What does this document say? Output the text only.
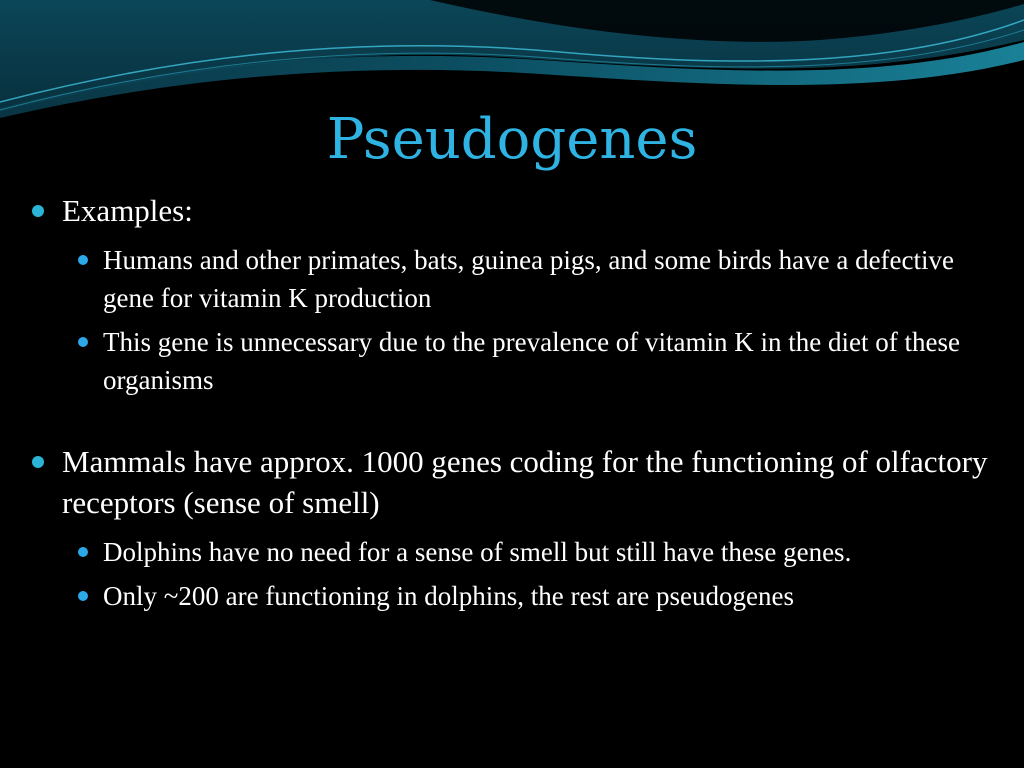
Pseudogenes
Examples:
Humans and other primates, bats, guinea pigs, and some birds have a defective gene for vitamin K production
This gene is unnecessary due to the prevalence of vitamin K in the diet of these organisms
Mammals have approx. 1000 genes coding for the functioning of olfactory receptors (sense of smell)
Dolphins have no need for a sense of smell but still have these genes.
Only ~200 are functioning in dolphins, the rest are pseudogenes
